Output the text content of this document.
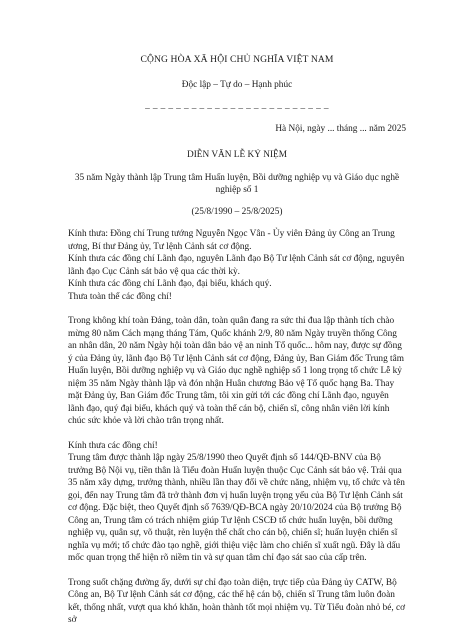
CỘNG HÒA XÃ HỘI CHỦ NGHĨA VIỆT NAM
Độc lập – Tự do – Hạnh phúc
_ _ _ _ _ _ _ _ _ _ _ _ _ _ _ _ _ _ _ _ _ _ _ _
Hà Nội, ngày ... tháng ... năm 2025
DIỄN VĂN LỄ KỶ NIỆM
35 năm Ngày thành lập Trung tâm Huấn luyện, Bồi dưỡng nghiệp vụ và Giáo dục nghề nghiệp số 1
(25/8/1990 – 25/8/2025)

Kính thưa: Đồng chí Trung tướng Nguyễn Ngọc Vân - Ủy viên Đảng ủy Công an Trung ương, Bí thư Đảng ủy, Tư lệnh Cảnh sát cơ động.

Kính thưa các đồng chí Lãnh đạo, nguyên Lãnh đạo Bộ Tư lệnh Cảnh sát cơ động, nguyên lãnh đạo Cục Cảnh sát bảo vệ qua các thời kỳ.

Kính thưa các đồng chí Lãnh đạo, đại biểu, khách quý.

Thưa toàn thể các đồng chí!

Trong không khí toàn Đảng, toàn dân, toàn quân đang ra sức thi đua lập thành tích chào mừng 80 năm Cách mạng tháng Tám, Quốc khánh 2/9, 80 năm Ngày truyền thống Công an nhân dân, 20 năm Ngày hội toàn dân bảo vệ an ninh Tổ quốc... hôm nay, được sự đồng ý của Đảng ủy, lãnh đạo Bộ Tư lệnh Cảnh sát cơ động, Đảng ủy, Ban Giám đốc Trung tâm Huấn luyện, Bồi dưỡng nghiệp vụ và Giáo dục nghề nghiệp số 1 long trọng tổ chức Lễ kỷ niệm 35 năm Ngày thành lập và đón nhận Huân chương Bảo vệ Tổ quốc hạng Ba. Thay mặt Đảng ủy, Ban Giám đốc Trung tâm, tôi xin gửi tới các đồng chí Lãnh đạo, nguyên lãnh đạo, quý đại biểu, khách quý và toàn thể cán bộ, chiến sĩ, công nhân viên lời kính chúc sức khỏe và lời chào trân trọng nhất.

Kính thưa các đồng chí!

Trung tâm được thành lập ngày 25/8/1990 theo Quyết định số 144/QĐ-BNV của Bộ trưởng Bộ Nội vụ, tiền thân là Tiểu đoàn Huấn luyện thuộc Cục Cảnh sát bảo vệ. Trải qua 35 năm xây dựng, trưởng thành, nhiều lần thay đổi về chức năng, nhiệm vụ, tổ chức và tên gọi, đến nay Trung tâm đã trở thành đơn vị huấn luyện trọng yếu của Bộ Tư lệnh Cảnh sát cơ động. Đặc biệt, theo Quyết định số 7639/QĐ-BCA ngày 20/10/2024 của Bộ trưởng Bộ Công an, Trung tâm có trách nhiệm giúp Tư lệnh CSCĐ tổ chức huấn luyện, bồi dưỡng nghiệp vụ, quân sự, võ thuật, rèn luyện thể chất cho cán bộ, chiến sĩ; huấn luyện chiến sĩ nghĩa vụ mới; tổ chức đào tạo nghề, giới thiệu việc làm cho chiến sĩ xuất ngũ. Đây là dấu mốc quan trọng thể hiện rõ niềm tin và sự quan tâm chỉ đạo sát sao của cấp trên.

Trong suốt chặng đường ấy, dưới sự chỉ đạo toàn diện, trực tiếp của Đảng ủy CATW, Bộ Công an, Bộ Tư lệnh Cảnh sát cơ động, các thế hệ cán bộ, chiến sĩ Trung tâm luôn đoàn kết, thống nhất, vượt qua khó khăn, hoàn thành tốt mọi nhiệm vụ. Từ Tiểu đoàn nhỏ bé, cơ sở
